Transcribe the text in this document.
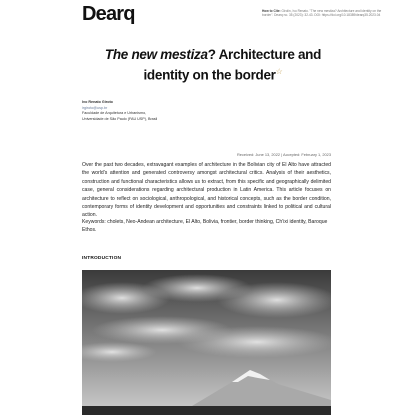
Dearq	How to Cite: Girolin, Ivo Renato. "The new mestiza? Architecture and identity on the border". Dearq no. 35 (2023): 32-43. DOI: https://doi.org/10.18389/dearq35.2023.04
The new mestiza? Architecture and identity on the border☆
Ivo Renato Giroto
irgiroto@usp.br
Faculdade de Arquitetura e Urbanismo,
Universidade de São Paulo (FAU USP), Brasil
Received: June 13, 2022 | Accepted: February 1, 2023
Over the past two decades, extravagant examples of architecture in the Bolivian city of El Alto have attracted the world’s attention and generated controversy amongst architectural critics. Analysis of their aesthetics, construction and functional characteristics allows us to extract, from this specific and geographically delimited case, general considerations regarding architectural production in Latin America. This article focuses on architecture to reflect on sociological, anthropological, and historical concepts, such as the border condition, contemporary forms of identity development and opportunities and constraints linked to political and cultural action.
Keywords: cholets, Neo-Andean architecture, El Alto, Bolivia, frontier, border thinking, Ch’ixi identity, Baroque Ethos.
INTRODUCTION
